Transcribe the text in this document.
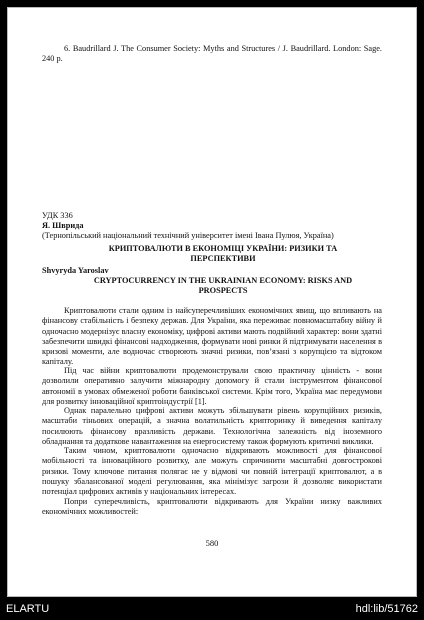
6. Baudrillard J. The Consumer Society: Myths and Structures / J. Baudrillard. London: Sage. 240 p.
УДК 336
Я. Шврида
(Тернопільський національний технічний університет імені Івана Пулюя, Україна)
КРИПТОВАЛЮТИ В ЕКОНОМІЦІ УКРАЇНИ: РИЗИКИ ТА ПЕРСПЕКТИВИ
Shvyryda Yaroslav
CRYPTOCURRENCY IN THE UKRAINIAN ECONOMY: RISKS AND PROSPECTS
Криптовалюти стали одним із найсуперечливіших економічних явищ, що впливають на фінансову стабільність і безпеку держав. Для України, яка переживає повномасштабну війну й одночасно модернізує власну економіку, цифрові активи мають подвійний характер: вони здатні забезпечити швидкі фінансові надходження, формувати нові ринки й підтримувати населення в кризові моменти, але водночас створюють значні ризики, пов’язані з корупцією та відтоком капіталу.
Під час війни криптовалюти продемонстрували свою практичну цінність - вони дозволили оперативно залучити міжнародну допомогу й стали інструментом фінансової автономії в умовах обмеженої роботи банківської системи. Крім того, Україна має передумови для розвитку інноваційної криптоіндустрії [1].
Однак паралельно цифрові активи можуть збільшувати рівень корупційних ризиків, масштаби тіньових операцій, а значна волатильність крипторинку й виведення капіталу посилюють фінансову вразливість держави. Технологічна залежність від іноземного обладнання та додаткове навантаження на енергосистему також формують критичні виклики.
Таким чином, криптовалюти одночасно відкривають можливості для фінансової мобільності та інноваційного розвитку, але можуть спричинити масштабні довгострокові ризики. Тому ключове питання полягає не у відмові чи повній інтеграції криптовалют, а в пошуку збалансованої моделі регулювання, яка мінімізує загрози й дозволяє використати потенціал цифрових активів у національних інтересах.
Попри суперечливість, криптовалюти відкривають для України низку важливих економічних можливостей:
580
ELARTU	hdl:lib/51762
